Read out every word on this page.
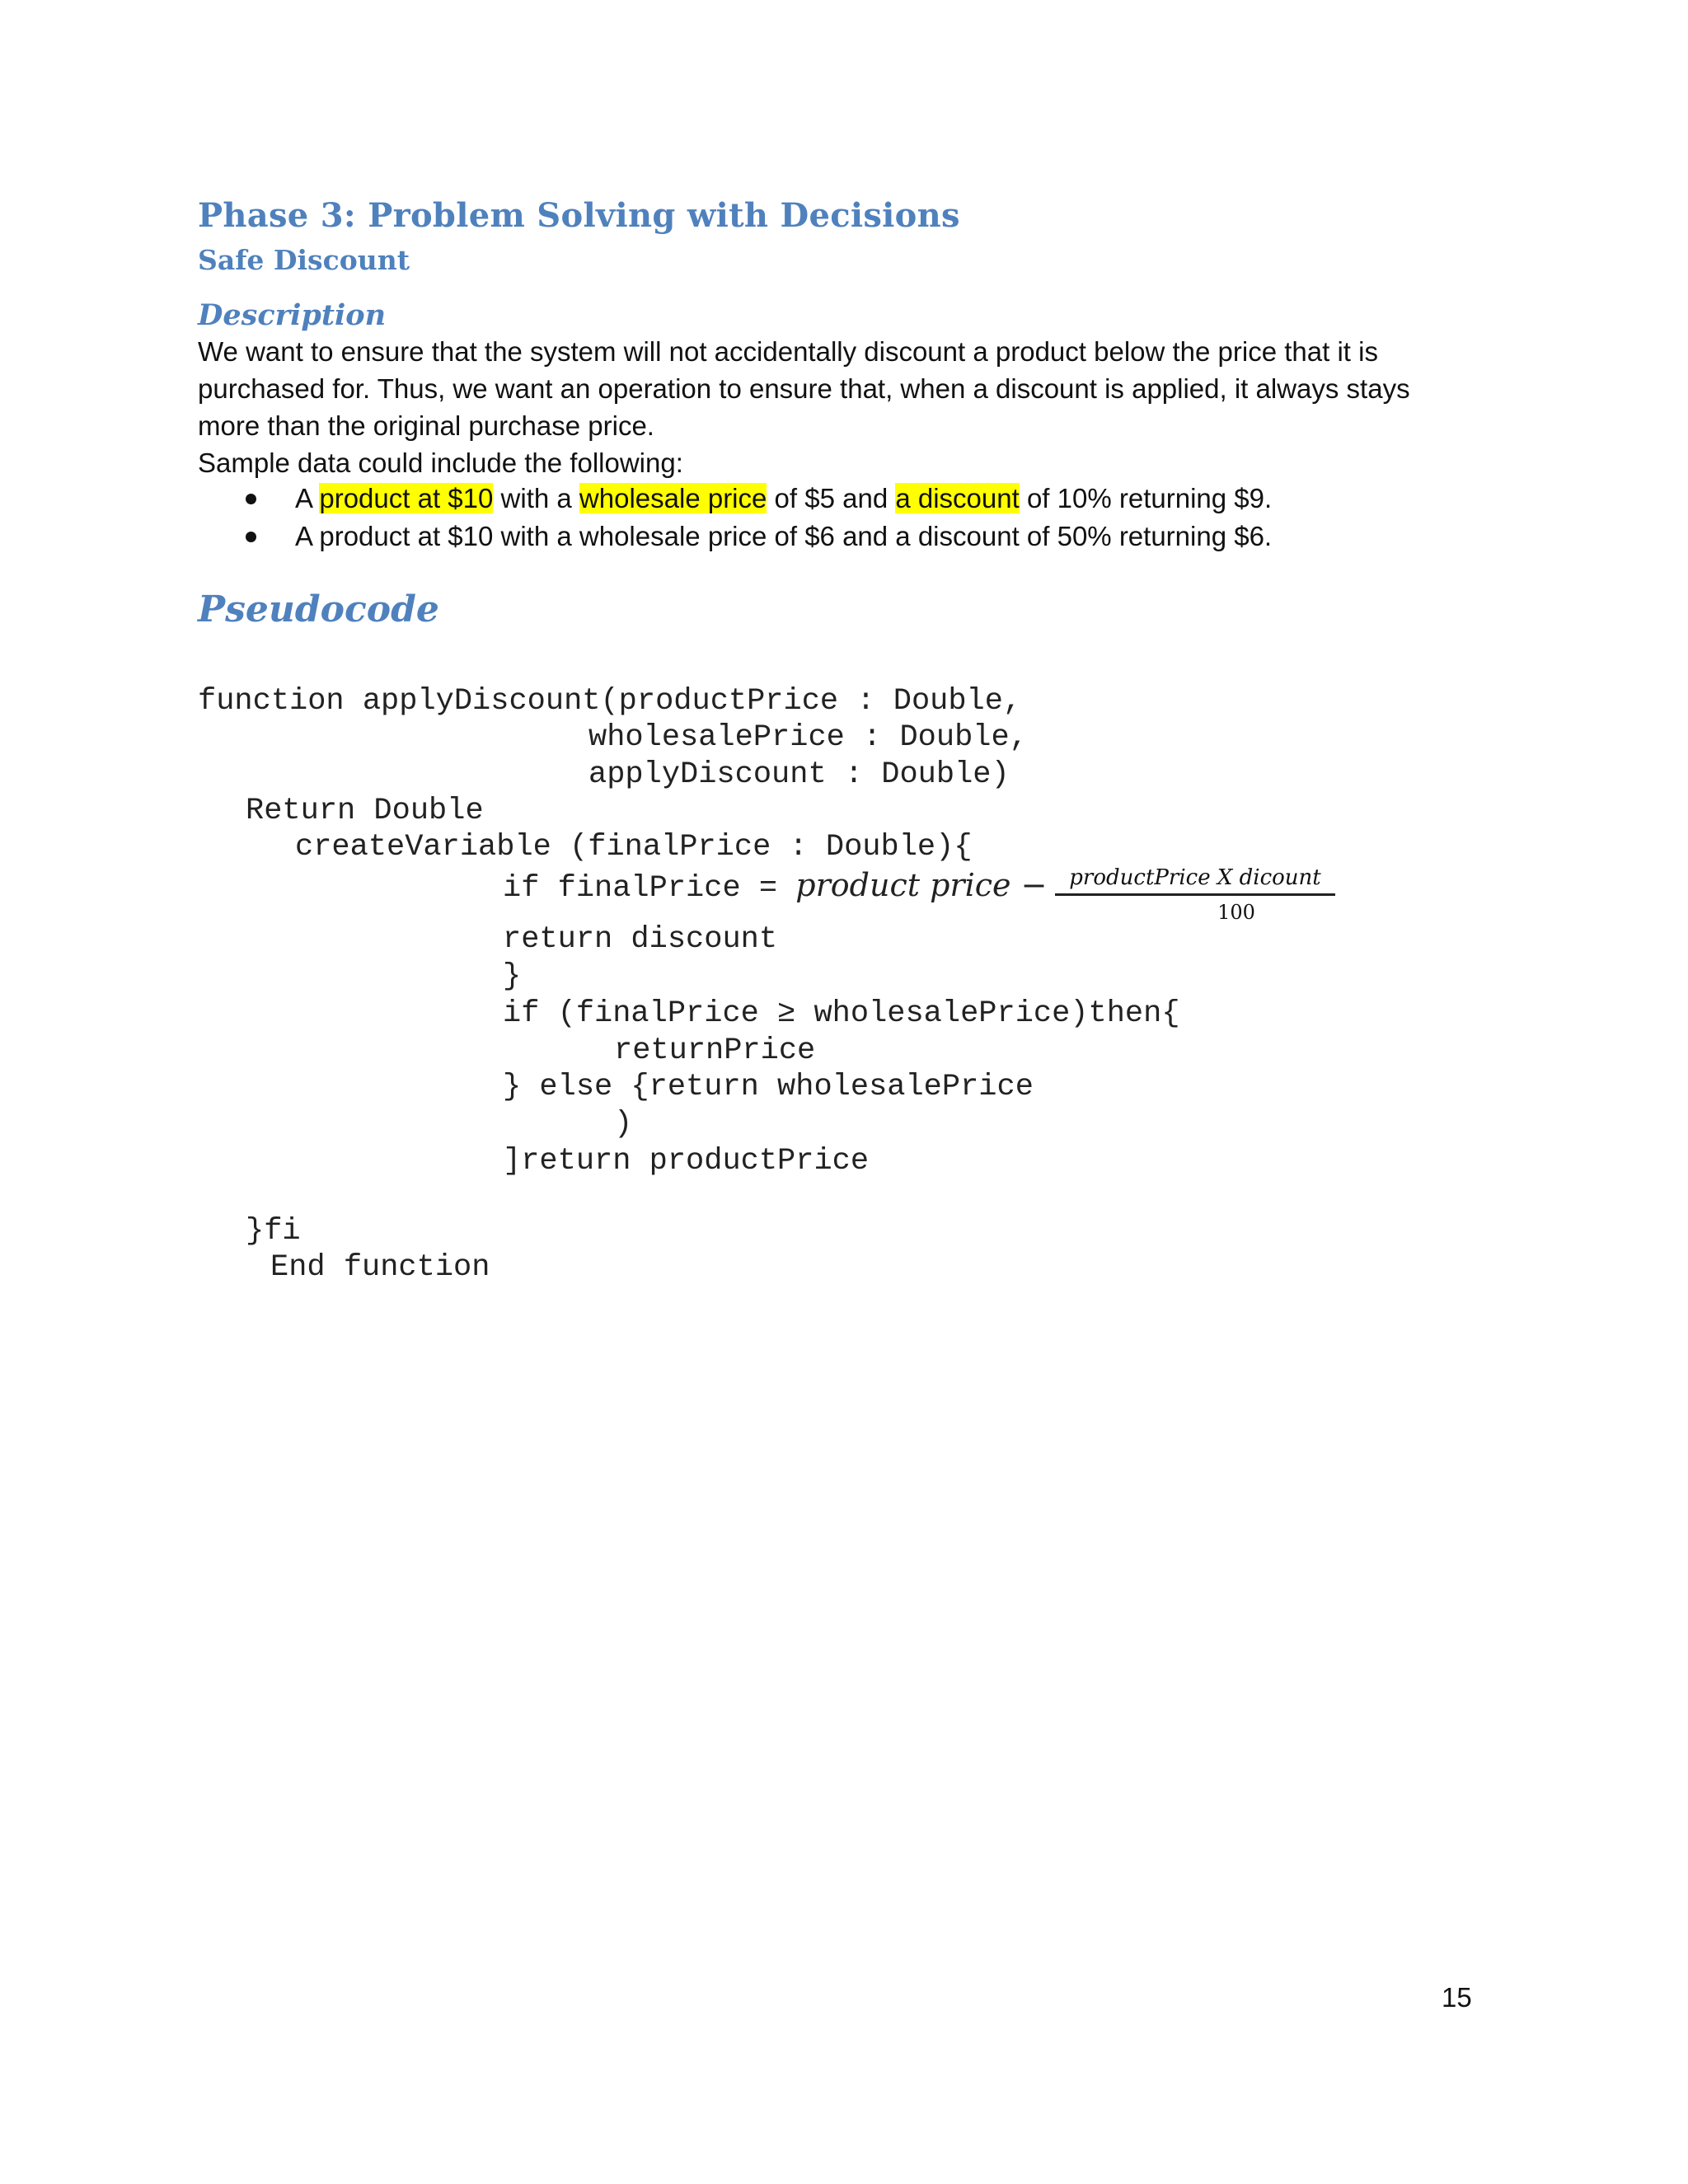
Phase 3: Problem Solving with Decisions
Safe Discount
Description

We want to ensure that the system will not accidentally discount a product below the price that it is
purchased for. Thus, we want an operation to ensure that, when a discount is applied, it always stays
more than the original purchase price.

Sample data could include the following:

A product at $10 with a wholesale price of $5 and a discount of 10% returning $9.
A product at $10 with a wholesale price of $6 and a discount of 50% returning $6.
Pseudocode

function applyDiscount(productPrice : Double,

wholesalePrice : Double,

applyDiscount : Double)

Return Double

createVariable (finalPrice : Double){

if finalPrice = product price −	productPrice X dicount
100

return discount

}

if (finalPrice ≥ wholesalePrice)then{

returnPrice

} else {return wholesalePrice

)

]return productPrice

}fi

End function

15
